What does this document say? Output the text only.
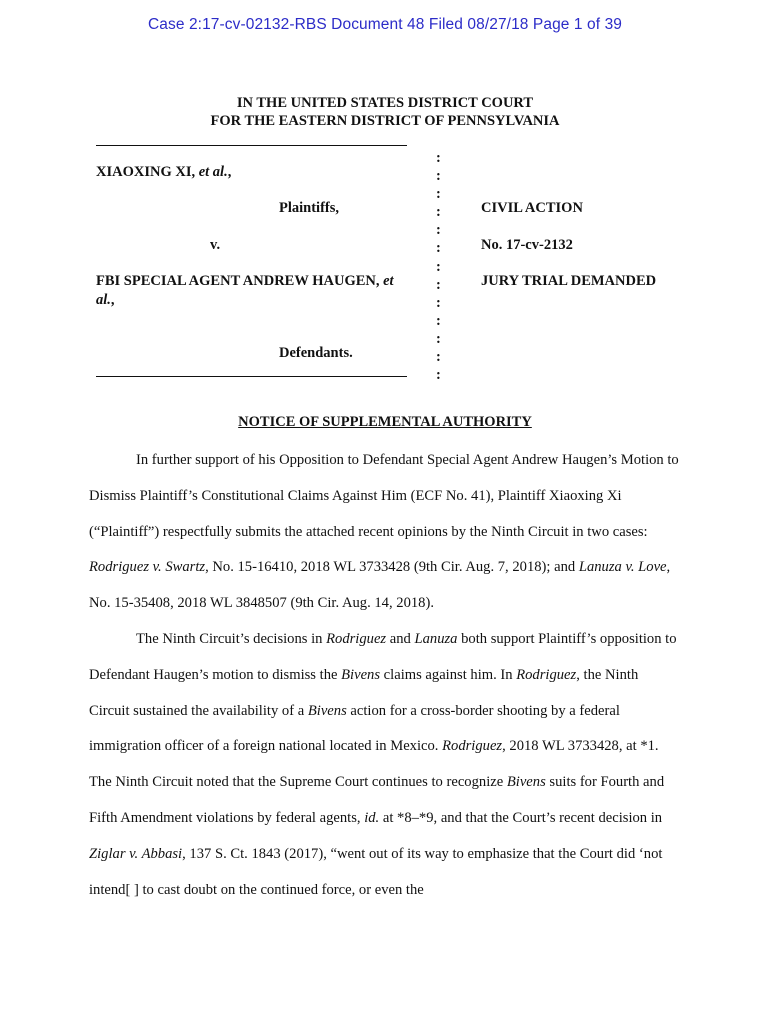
Case 2:17-cv-02132-RBS Document 48 Filed 08/27/18 Page 1 of 39
IN THE UNITED STATES DISTRICT COURT
FOR THE EASTERN DISTRICT OF PENNSYLVANIA
XIAOXING XI, et al.,
Plaintiffs,
v.
FBI SPECIAL AGENT ANDREW HAUGEN, et
al.,
Defendants.
:
:
:
:
:
:
:
:
:
:
:
:
:
CIVIL ACTION
No. 17-cv-2132
JURY TRIAL DEMANDED
NOTICE OF SUPPLEMENTAL AUTHORITY
In further support of his Opposition to Defendant Special Agent Andrew Haugen’s Motion to Dismiss Plaintiff’s Constitutional Claims Against Him (ECF No. 41), Plaintiff Xiaoxing Xi (“Plaintiff”) respectfully submits the attached recent opinions by the Ninth Circuit in two cases: Rodriguez v. Swartz, No. 15-16410, 2018 WL 3733428 (9th Cir. Aug. 7, 2018); and Lanuza v. Love, No. 15-35408, 2018 WL 3848507 (9th Cir. Aug. 14, 2018).
The Ninth Circuit’s decisions in Rodriguez and Lanuza both support Plaintiff’s opposition to Defendant Haugen’s motion to dismiss the Bivens claims against him. In Rodriguez, the Ninth Circuit sustained the availability of a Bivens action for a cross-border shooting by a federal immigration officer of a foreign national located in Mexico. Rodriguez, 2018 WL 3733428, at *1. The Ninth Circuit noted that the Supreme Court continues to recognize Bivens suits for Fourth and Fifth Amendment violations by federal agents, id. at *8–*9, and that the Court’s recent decision in Ziglar v. Abbasi, 137 S. Ct. 1843 (2017), “went out of its way to emphasize that the Court did ‘not intend[ ] to cast doubt on the continued force, or even the
